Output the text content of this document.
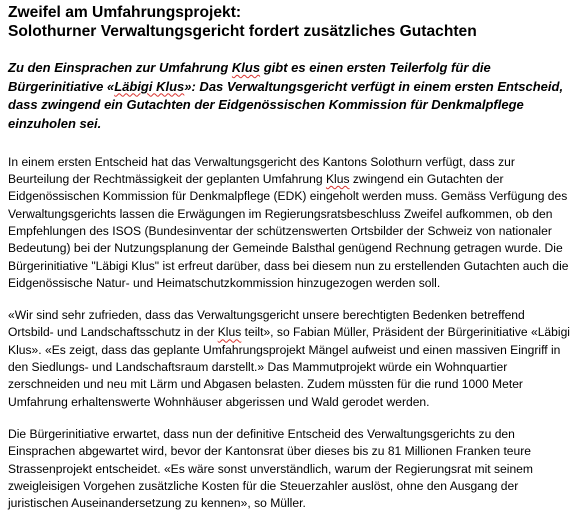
Zweifel am Umfahrungsprojekt:
Solothurner Verwaltungsgericht fordert zusätzliches Gutachten

Zu den Einsprachen zur Umfahrung Klus gibt es einen ersten Teilerfolg für die Bürgerinitiative «Läbigi Klus»: Das Verwaltungsgericht verfügt in einem ersten Entscheid, dass zwingend ein Gutachten der Eidgenössischen Kommission für Denkmalpflege einzuholen sei.

In einem ersten Entscheid hat das Verwaltungsgericht des Kantons Solothurn verfügt, dass zur Beurteilung der Rechtmässigkeit der geplanten Umfahrung Klus zwingend ein Gutachten der Eidgenössischen Kommission für Denkmalpflege (EDK) eingeholt werden muss. Gemäss Verfügung des Verwaltungsgerichts lassen die Erwägungen im Regierungsratsbeschluss Zweifel aufkommen, ob den Empfehlungen des ISOS (Bundesinventar der schützenswerten Ortsbilder der Schweiz von nationaler Bedeutung) bei der Nutzungsplanung der Gemeinde Balsthal genügend Rechnung getragen wurde. Die Bürgerinitiative "Läbigi Klus" ist erfreut darüber, dass bei diesem nun zu erstellenden Gutachten auch die Eidgenössische Natur- und Heimatschutzkommission hinzugezogen werden soll.

«Wir sind sehr zufrieden, dass das Verwaltungsgericht unsere berechtigten Bedenken betreffend Ortsbild- und Landschaftsschutz in der Klus teilt», so Fabian Müller, Präsident der Bürgerinitiative «Läbigi Klus». «Es zeigt, dass das geplante Umfahrungsprojekt Mängel aufweist und einen massiven Eingriff in den Siedlungs- und Landschaftsraum darstellt.» Das Mammutprojekt würde ein Wohnquartier zerschneiden und neu mit Lärm und Abgasen belasten. Zudem müssten für die rund 1000 Meter Umfahrung erhaltenswerte Wohnhäuser abgerissen und Wald gerodet werden.

Die Bürgerinitiative erwartet, dass nun der definitive Entscheid des Verwaltungsgerichts zu den Einsprachen abgewartet wird, bevor der Kantonsrat über dieses bis zu 81 Millionen Franken teure Strassenprojekt entscheidet. «Es wäre sonst unverständlich, warum der Regierungsrat mit seinem zweigleisigen Vorgehen zusätzliche Kosten für die Steuerzahler auslöst, ohne den Ausgang der juristischen Auseinandersetzung zu kennen», so Müller.
